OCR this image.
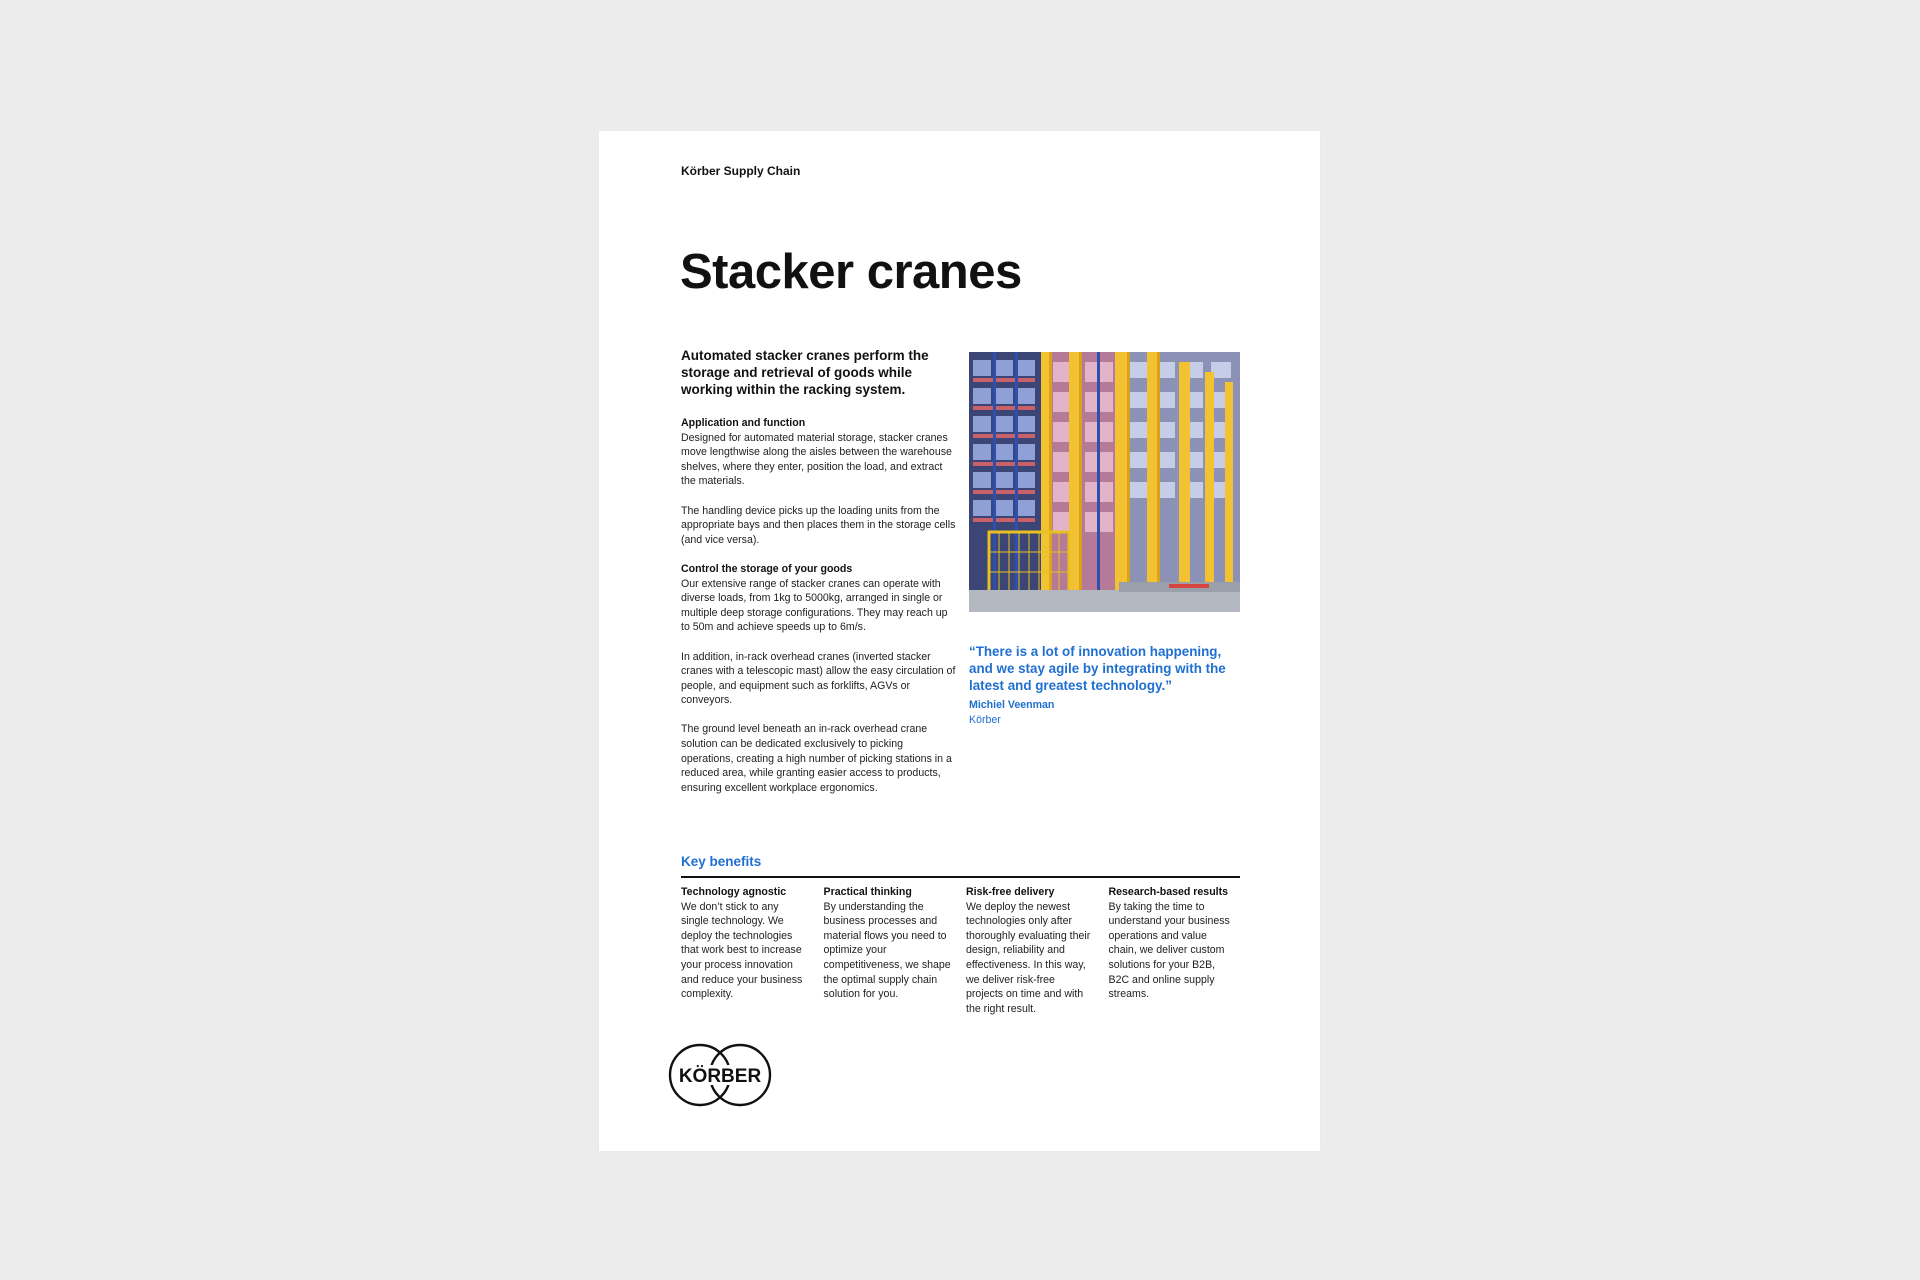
Körber Supply Chain
Stacker cranes
Automated stacker cranes perform the storage and retrieval of goods while working within the racking system.
Application and function

Designed for automated material storage, stacker cranes move lengthwise along the aisles between the warehouse shelves, where they enter, position the load, and extract the materials.

The handling device picks up the loading units from the appropriate bays and then places them in the storage cells (and vice versa).

Control the storage of your goods

Our extensive range of stacker cranes can operate with diverse loads, from 1kg to 5000kg, arranged in single or multiple deep storage configurations. They may reach up to 50m and achieve speeds up to 6m/s.

In addition, in-rack overhead cranes (inverted stacker cranes with a telescopic mast) allow the easy circulation of people, and equipment such as forklifts, AGVs or conveyors.

The ground level beneath an in-rack overhead crane solution can be dedicated exclusively to picking operations, creating a high number of picking stations in a reduced area, while granting easier access to products, ensuring excellent workplace ergonomics.

“There is a lot of innovation happening, and we stay agile by integrating with the latest and greatest technology.”
Michiel Veenman
Körber
Key benefits
Technology agnostic

We don’t stick to any single technology. We deploy the technologies that work best to increase your process innovation and reduce your business complexity.

Practical thinking

By understanding the business processes and material flows you need to optimize your competitiveness, we shape the optimal supply chain solution for you.

Risk-free delivery

We deploy the newest technologies only after thoroughly evaluating their design, reliability and effectiveness. In this way, we deliver risk-free projects on time and with the right result.

Research-based results

By taking the time to understand your business operations and value chain, we deliver custom solutions for your B2B, B2C and online supply streams.

KÖRBER
